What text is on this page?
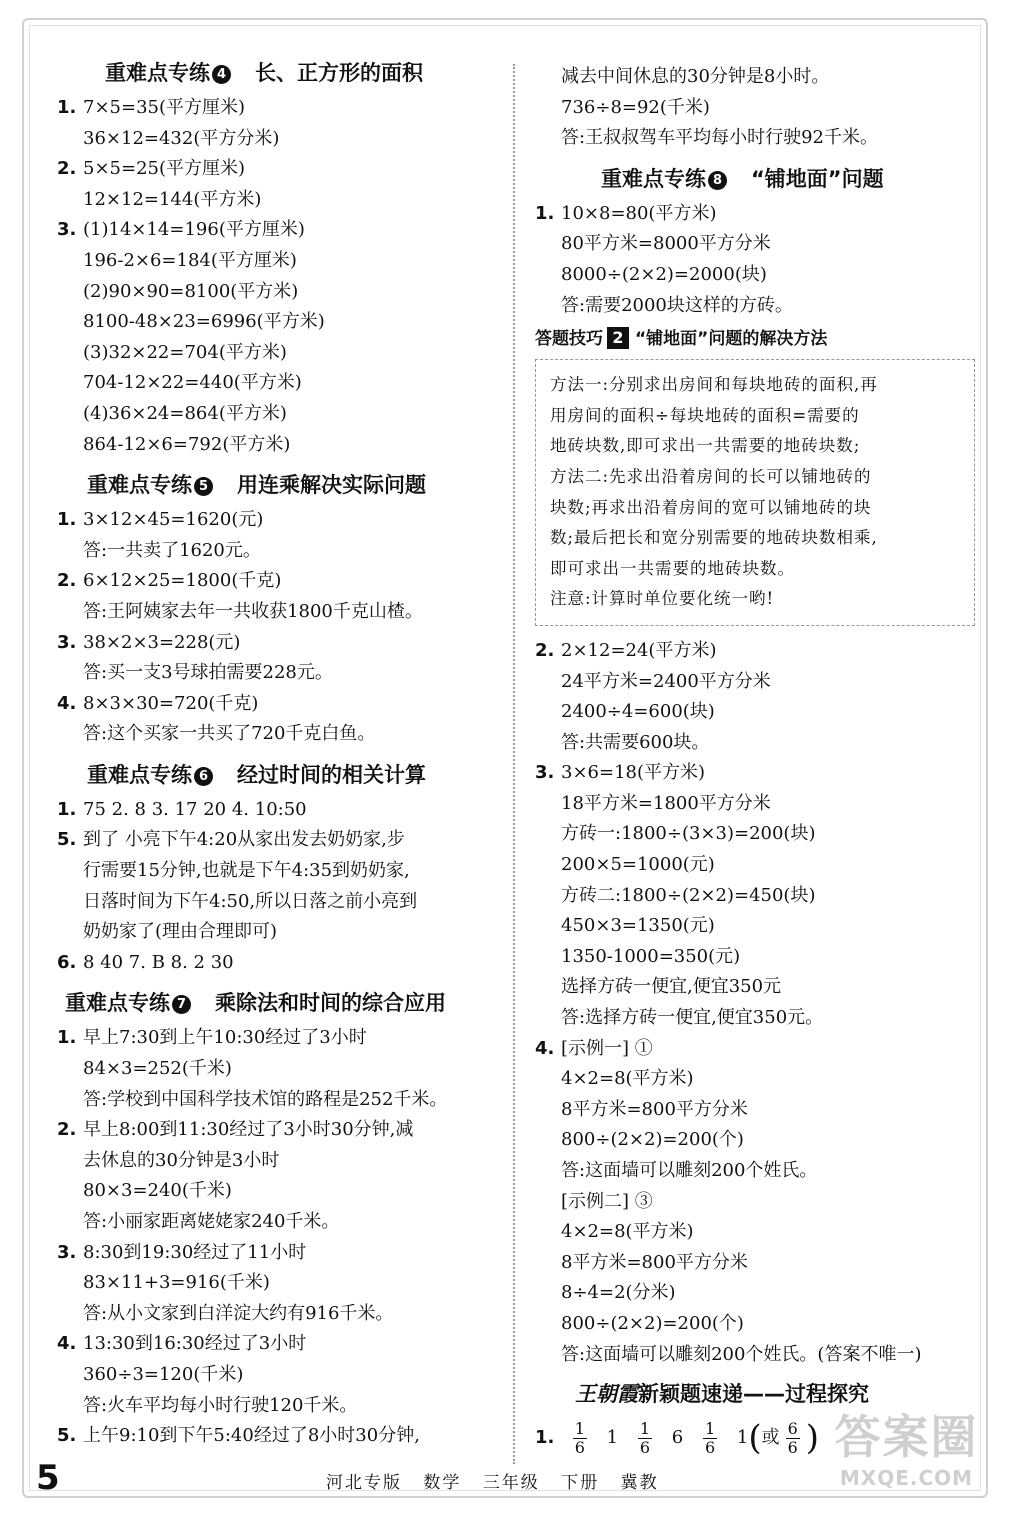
重难点专练 4 长、正方形的面积
1. 7×5=35(平方厘米)
36×12=432(平方分米)
2. 5×5=25(平方厘米)
12×12=144(平方米)
3. (1)14×14=196(平方厘米)
196-2×6=184(平方厘米)
(2)90×90=8100(平方米)
8100-48×23=6996(平方米)
(3)32×22=704(平方米)
704-12×22=440(平方米)
(4)36×24=864(平方米)
864-12×6=792(平方米)
重难点专练 5 用连乘解决实际问题
1. 3×12×45=1620(元)
答:一共卖了1620元。
2. 6×12×25=1800(千克)
答:王阿姨家去年一共收获1800千克山楂。
3. 38×2×3=228(元)
答:买一支3号球拍需要228元。
4. 8×3×30=720(千克)
答:这个买家一共买了720千克白鱼。
重难点专练 6 经过时间的相关计算
1. 75 2. 8 3. 17 20 4. 10:50
5. 到了 小亮下午4:20从家出发去奶奶家,步
行需要15分钟,也就是下午4:35到奶奶家,
日落时间为下午4:50,所以日落之前小亮到
奶奶家了(理由合理即可)
6. 8 40 7. B 8. 2 30
重难点专练 7 乘除法和时间的综合应用
1. 早上7:30到上午10:30经过了3小时
84×3=252(千米)
答:学校到中国科学技术馆的路程是252千米。
2. 早上8:00到11:30经过了3小时30分钟,减
去休息的30分钟是3小时
80×3=240(千米)
答:小丽家距离姥姥家240千米。
3. 8:30到19:30经过了11小时
83×11+3=916(千米)
答:从小文家到白洋淀大约有916千米。
4. 13:30到16:30经过了3小时
360÷3=120(千米)
答:火车平均每小时行驶120千米。
5. 上午9:10到下午5:40经过了8小时30分钟,
减去中间休息的30分钟是8小时。
736÷8=92(千米)
答:王叔叔驾车平均每小时行驶92千米。
重难点专练 8 “铺地面”问题
1. 10×8=80(平方米)
80平方米=8000平方分米
8000÷(2×2)=2000(块)
答:需要2000块这样的方砖。
答题技巧 2 “铺地面”问题的解决方法
方法一:分别求出房间和每块地砖的面积,再
用房间的面积÷每块地砖的面积=需要的
地砖块数,即可求出一共需要的地砖块数;
方法二:先求出沿着房间的长可以铺地砖的
块数;再求出沿着房间的宽可以铺地砖的块
数;最后把长和宽分别需要的地砖块数相乘,
即可求出一共需要的地砖块数。
注意:计算时单位要化统一哟!
2. 2×12=24(平方米)
24平方米=2400平方分米
2400÷4=600(块)
答:共需要600块。
3. 3×6=18(平方米)
18平方米=1800平方分米
方砖一:1800÷(3×3)=200(块)
200×5=1000(元)
方砖二:1800÷(2×2)=450(块)
450×3=1350(元)
1350-1000=350(元)
选择方砖一便宜,便宜350元
答:选择方砖一便宜,便宜350元。
4. [示例一] ①
4×2=8(平方米)
8平方米=800平方分米
800÷(2×2)=200(个)
答:这面墙可以雕刻200个姓氏。
[示例二] ③
4×2=8(平方米)
8平方米=800平方分米
8÷4=2(分米)
800÷(2×2)=200(个)
答:这面墙可以雕刻200个姓氏。(答案不唯一)
王朝霞新颖题速递——过程探究
1. $\frac{1}{6} 1 \frac{1}{6} 6 \frac{1}{6} 1$(或 $\frac{6}{6}$ )
5	河北专版 数学 三年级 下册 冀教
答案圈
MXQE.COM
